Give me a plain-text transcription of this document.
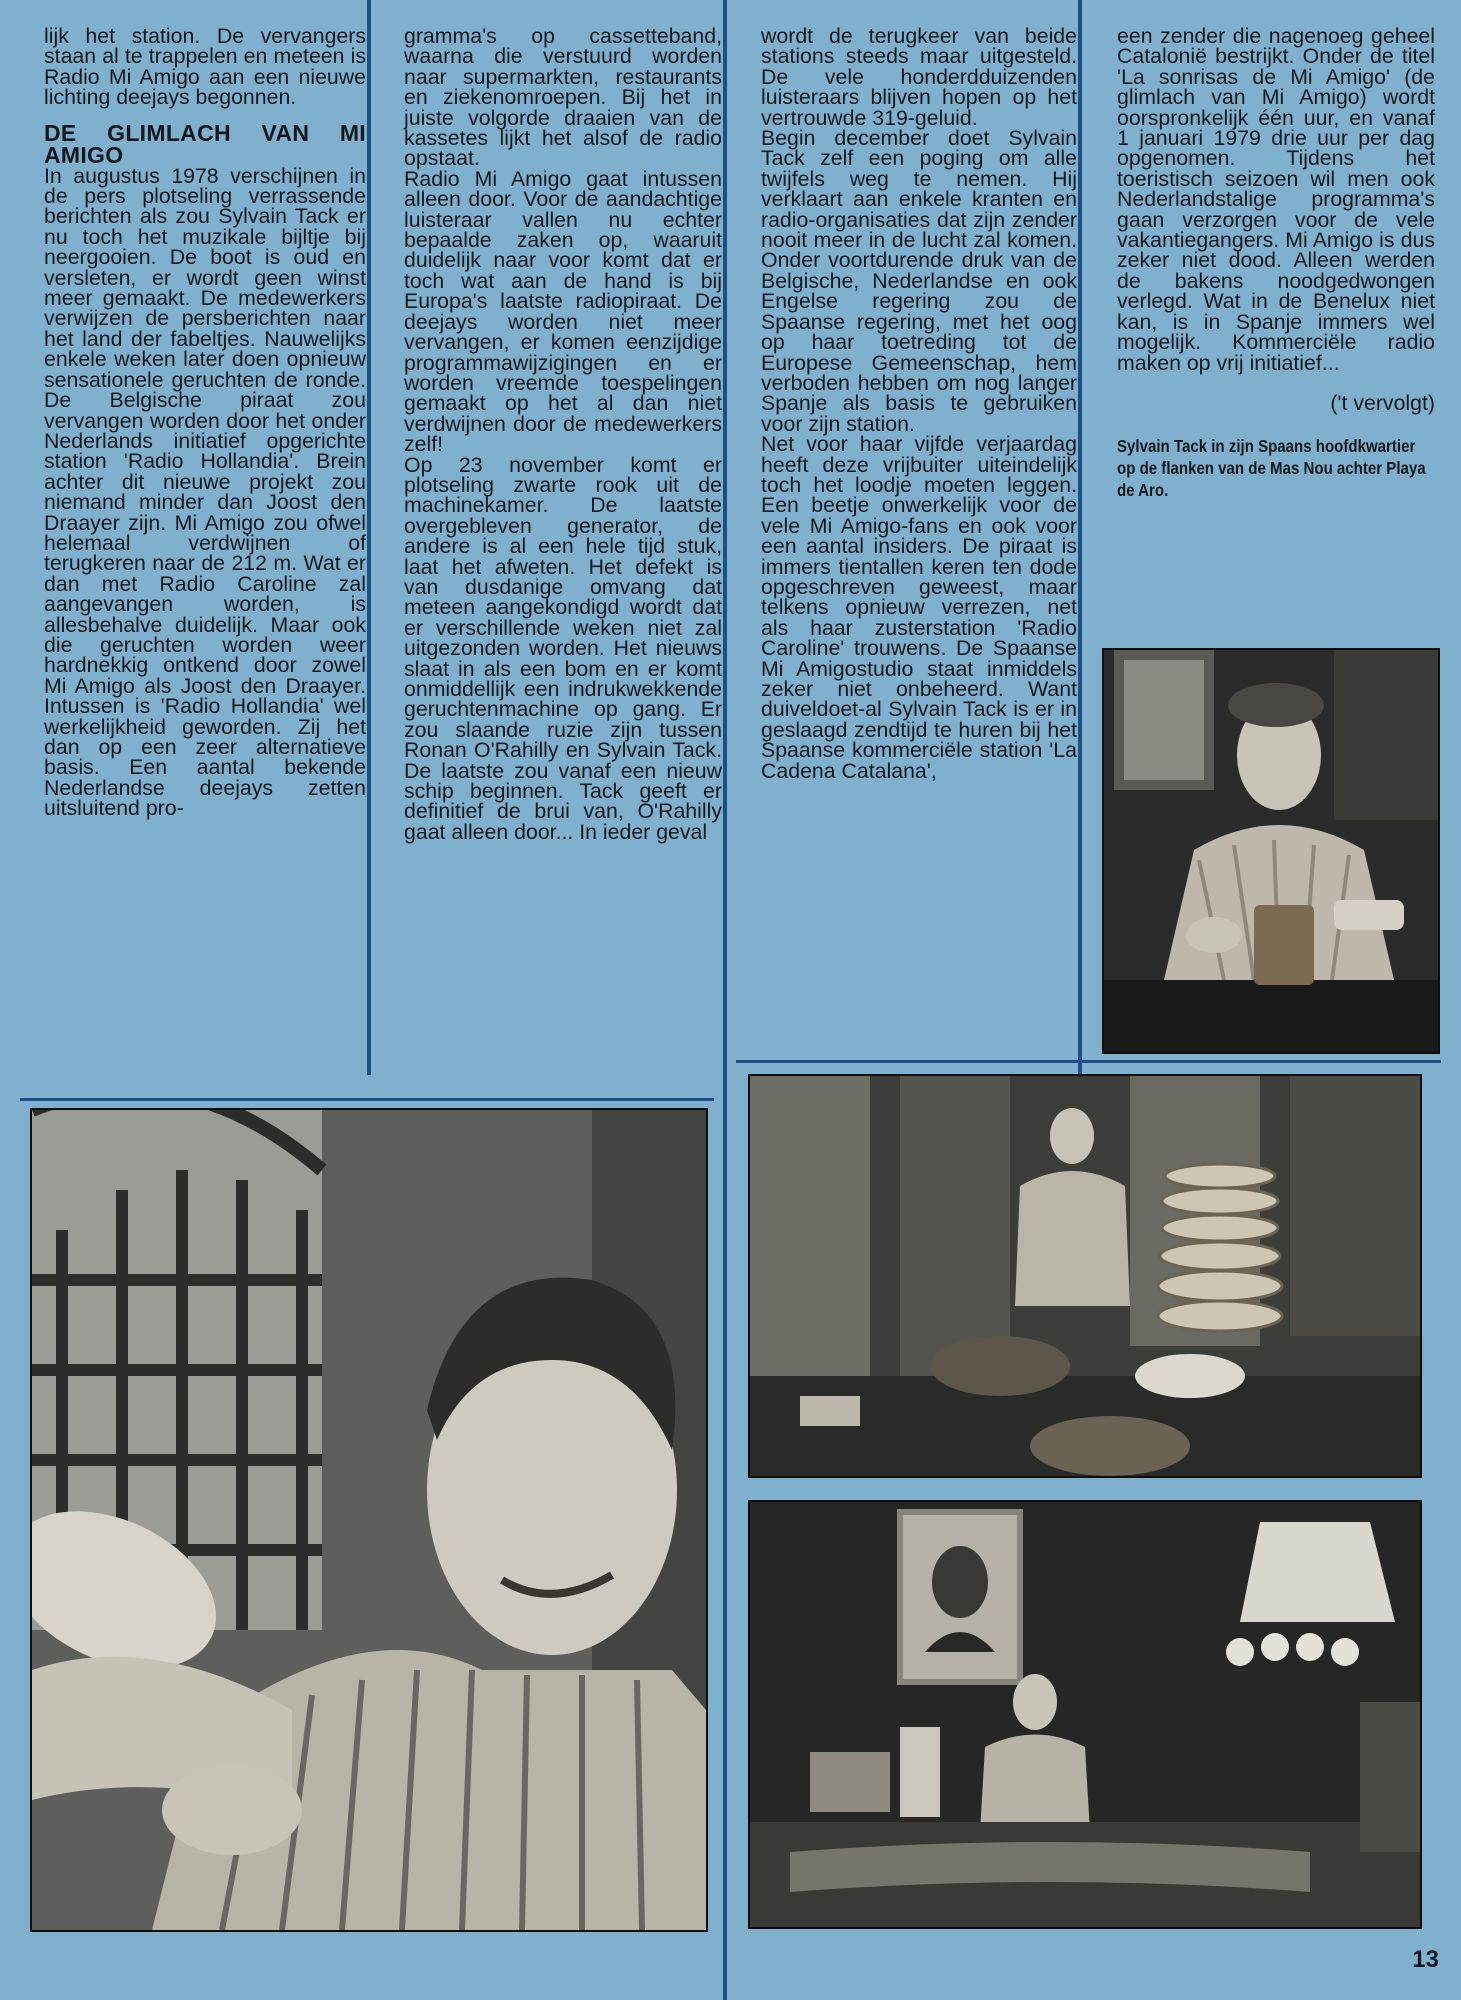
lijk het station. De vervangers staan al te trappelen en meteen is Radio Mi Amigo aan een nieuwe lichting deejays begonnen.

DE GLIMLACH VAN MI AMIGO

In augustus 1978 verschijnen in de pers plotseling verrassende berichten als zou Sylvain Tack er nu toch het muzikale bijltje bij neergooien. De boot is oud en versleten, er wordt geen winst meer gemaakt. De medewerkers verwijzen de persberichten naar het land der fabeltjes. Nauwelijks enkele weken later doen opnieuw sensationele geruchten de ronde. De Belgische piraat zou vervangen worden door het onder Nederlands initiatief opgerichte station 'Radio Hollandia'. Brein achter dit nieuwe projekt zou niemand minder dan Joost den Draayer zijn. Mi Amigo zou ofwel helemaal verdwijnen of terugkeren naar de 212 m. Wat er dan met Radio Caroline zal aangevangen worden, is allesbehalve duidelijk. Maar ook die geruchten worden weer hardnekkig ontkend door zowel Mi Amigo als Joost den Draayer. Intussen is 'Radio Hollandia' wel werkelijkheid geworden. Zij het dan op een zeer alternatieve basis. Een aantal bekende Nederlandse deejays zetten uitsluitend pro-

gramma's op cassetteband, waarna die verstuurd worden naar supermarkten, restaurants en ziekenomroepen. Bij het in juiste volgorde draaien van de kassetes lijkt het alsof de radio opstaat.

Radio Mi Amigo gaat intussen alleen door. Voor de aandachtige luisteraar vallen nu echter bepaalde zaken op, waaruit duidelijk naar voor komt dat er toch wat aan de hand is bij Europa's laatste radiopiraat. De deejays worden niet meer vervangen, er komen eenzijdige programmawijzigingen en er worden vreemde toespelingen gemaakt op het al dan niet verdwijnen door de medewerkers zelf!

Op 23 november komt er plotseling zwarte rook uit de machinekamer. De laatste overgebleven generator, de andere is al een hele tijd stuk, laat het afweten. Het defekt is van dusdanige omvang dat meteen aangekondigd wordt dat er verschillende weken niet zal uitgezonden worden. Het nieuws slaat in als een bom en er komt onmiddellijk een indrukwekkende geruchtenmachine op gang. Er zou slaande ruzie zijn tussen Ronan O'Rahilly en Sylvain Tack. De laatste zou vanaf een nieuw schip beginnen. Tack geeft er definitief de brui van, O'Rahilly gaat alleen door... In ieder geval

wordt de terugkeer van beide stations steeds maar uitgesteld. De vele honderdduizenden luisteraars blijven hopen op het vertrouwde 319-geluid.

Begin december doet Sylvain Tack zelf een poging om alle twijfels weg te nemen. Hij verklaart aan enkele kranten en radio-organisaties dat zijn zender nooit meer in de lucht zal komen. Onder voortdurende druk van de Belgische, Nederlandse en ook Engelse regering zou de Spaanse regering, met het oog op haar toetreding tot de Europese Gemeenschap, hem verboden hebben om nog langer Spanje als basis te gebruiken voor zijn station.

Net voor haar vijfde verjaardag heeft deze vrijbuiter uiteindelijk toch het loodje moeten leggen. Een beetje onwerkelijk voor de vele Mi Amigo-fans en ook voor een aantal insiders. De piraat is immers tientallen keren ten dode opgeschreven geweest, maar telkens opnieuw verrezen, net als haar zusterstation 'Radio Caroline' trouwens. De Spaanse Mi Amigostudio staat inmiddels zeker niet onbeheerd. Want duiveldoet-al Sylvain Tack is er in geslaagd zendtijd te huren bij het Spaanse kommerciële station 'La Cadena Catalana',

een zender die nagenoeg geheel Catalonië bestrijkt. Onder de titel 'La sonrisas de Mi Amigo' (de glimlach van Mi Amigo) wordt oorspronkelijk één uur, en vanaf 1 januari 1979 drie uur per dag opgenomen. Tijdens het toeristisch seizoen wil men ook Nederlandstalige programma's gaan verzorgen voor de vele vakantiegangers. Mi Amigo is dus zeker niet dood. Alleen werden de bakens noodgedwongen verlegd. Wat in de Benelux niet kan, is in Spanje immers wel mogelijk. Kommerciële radio maken op vrij initiatief...

('t vervolgt)

Sylvain Tack in zijn Spaans hoofdkwartier op de flanken van de Mas Nou achter Playa de Aro.

13
